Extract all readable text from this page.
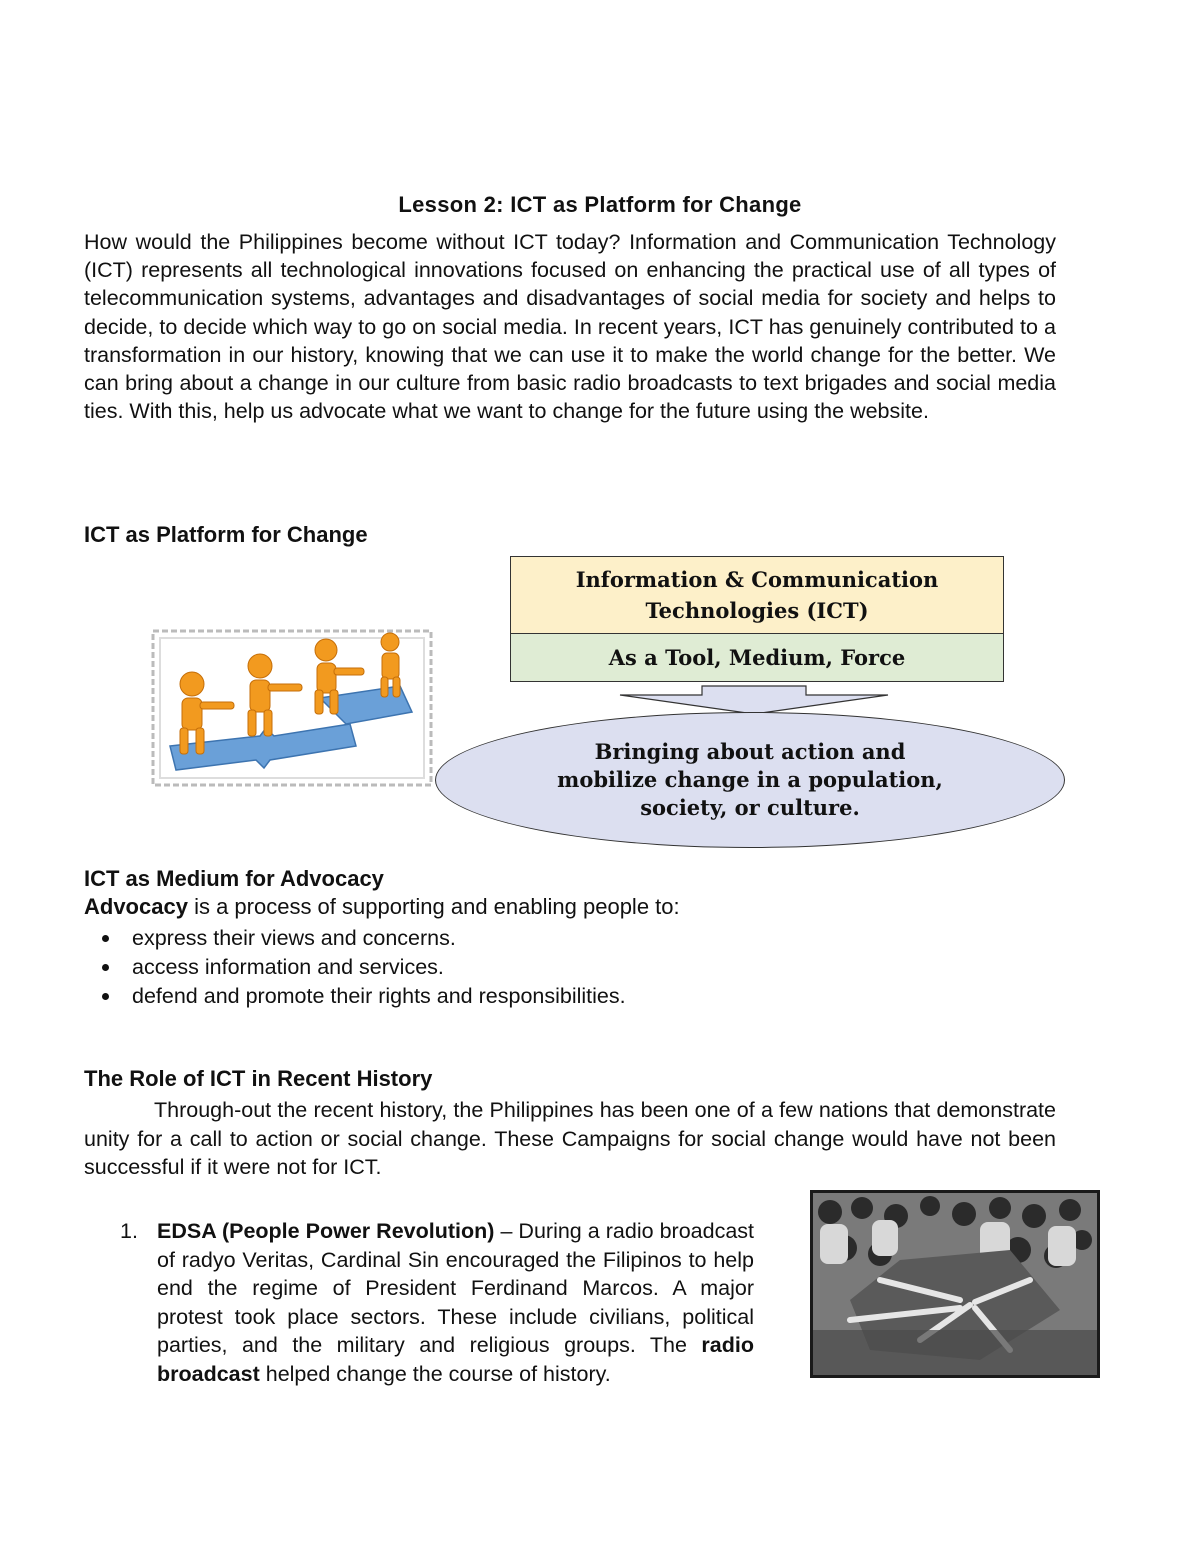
Lesson 2: ICT as Platform for Change
How would the Philippines become without ICT today? Information and Communication Technology (ICT) represents all technological innovations focused on enhancing the practical use of all types of telecommunication systems, advantages and disadvantages of social media for society and helps to decide, to decide which way to go on social media. In recent years, ICT has genuinely contributed to a transformation in our history, knowing that we can use it to make the world change for the better. We can bring about a change in our culture from basic radio broadcasts to text brigades and social media ties. With this, help us advocate what we want to change for the future using the website.
ICT as Platform for Change
Information & Communication Technologies (ICT)
As a Tool, Medium, Force
Bringing about action and mobilize change in a population, society, or culture.
ICT as Medium for Advocacy
Advocacy is a process of supporting and enabling people to:
express their views and concerns.
access information and services.
defend and promote their rights and responsibilities.
The Role of ICT in Recent History
Through-out the recent history, the Philippines has been one of a few nations that demonstrate unity for a call to action or social change. These Campaigns for social change would have not been successful if it were not for ICT.
1. EDSA (People Power Revolution) – During a radio broadcast of radyo Veritas, Cardinal Sin encouraged the Filipinos to help end the regime of President Ferdinand Marcos. A major protest took place sectors. These include civilians, political parties, and the military and religious groups. The radio broadcast helped change the course of history.
